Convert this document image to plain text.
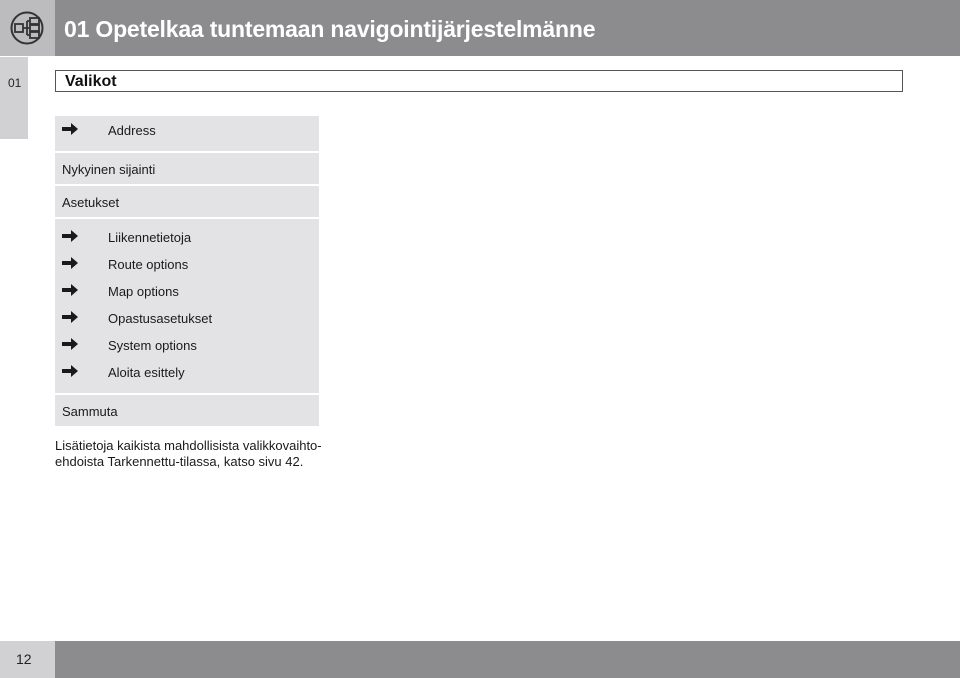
01 Opetelkaa tuntemaan navigointijärjestelmänne
01	Valikot
Address
Nykyinen sijainti
Asetukset
Liikennetietoja
Route options
Map options
Opastusasetukset
System options
Aloita esittely
Sammuta
Lisätietoja kaikista mahdollisista valikkovaihto-
ehdoista Tarkennettu-tilassa, katso sivu 42.
12
